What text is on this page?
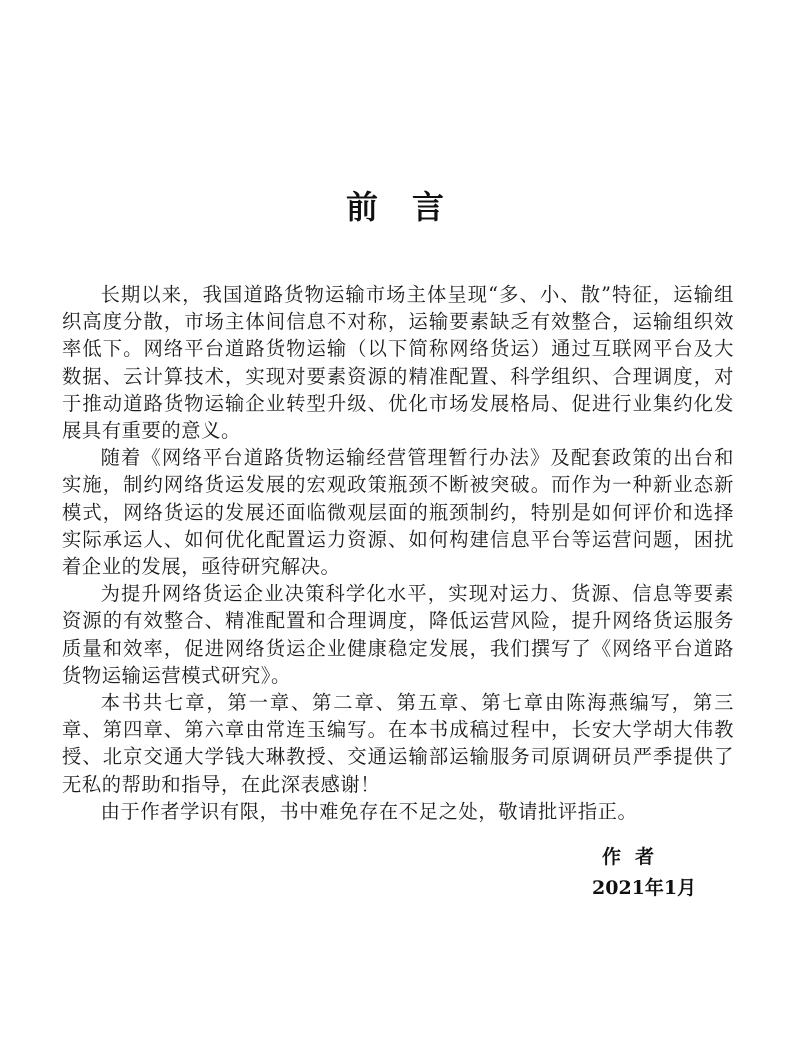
前言

长期以来，我国道路货物运输市场主体呈现“多、小、散”特征，运输组织高度分散，市场主体间信息不对称，运输要素缺乏有效整合，运输组织效率低下。网络平台道路货物运输（以下简称网络货运）通过互联网平台及大数据、云计算技术，实现对要素资源的精准配置、科学组织、合理调度，对于推动道路货物运输企业转型升级、优化市场发展格局、促进行业集约化发展具有重要的意义。

随着《网络平台道路货物运输经营管理暂行办法》及配套政策的出台和实施，制约网络货运发展的宏观政策瓶颈不断被突破。而作为一种新业态新模式，网络货运的发展还面临微观层面的瓶颈制约，特别是如何评价和选择实际承运人、如何优化配置运力资源、如何构建信息平台等运营问题，困扰着企业的发展，亟待研究解决。

为提升网络货运企业决策科学化水平，实现对运力、货源、信息等要素资源的有效整合、精准配置和合理调度，降低运营风险，提升网络货运服务质量和效率，促进网络货运企业健康稳定发展，我们撰写了《网络平台道路货物运输运营模式研究》。

本书共七章，第一章、第二章、第五章、第七章由陈海燕编写，第三章、第四章、第六章由常连玉编写。在本书成稿过程中，长安大学胡大伟教授、北京交通大学钱大琳教授、交通运输部运输服务司原调研员严季提供了无私的帮助和指导，在此深表感谢！

由于作者学识有限，书中难免存在不足之处，敬请批评指正。

作者
2021年1月
